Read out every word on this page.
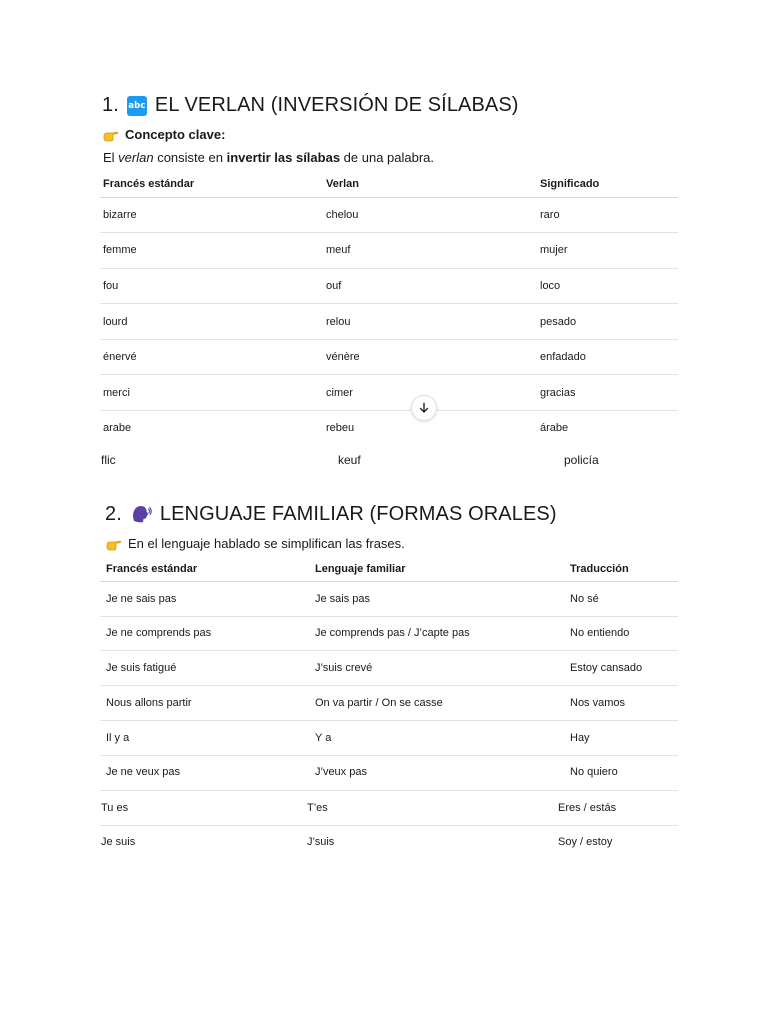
1. abc EL VERLAN (INVERSIÓN DE SÍLABAS)
Concepto clave:
El verlan consiste en invertir las sílabas de una palabra.
Francés estándar	Verlan	Significado
bizarre	chelou	raro
femme	meuf	mujer
fou	ouf	loco
lourd	relou	pesado
énervé	vénère	enfadado
merci	cimer	gracias
arabe	rebeu	árabe
flic	keuf	policía
2. LENGUAJE FAMILIAR (FORMAS ORALES)
En el lenguaje hablado se simplifican las frases.
Francés estándar	Lenguaje familiar	Traducción
Je ne sais pas	Je sais pas	No sé
Je ne comprends pas	Je comprends pas / J’capte pas	No entiendo
Je suis fatigué	J’suis crevé	Estoy cansado
Nous allons partir	On va partir / On se casse	Nos vamos
Il y a	Y a	Hay
Je ne veux pas	J’veux pas	No quiero
Tu es	T’es	Eres / estás
Je suis	J’suis	Soy / estoy
